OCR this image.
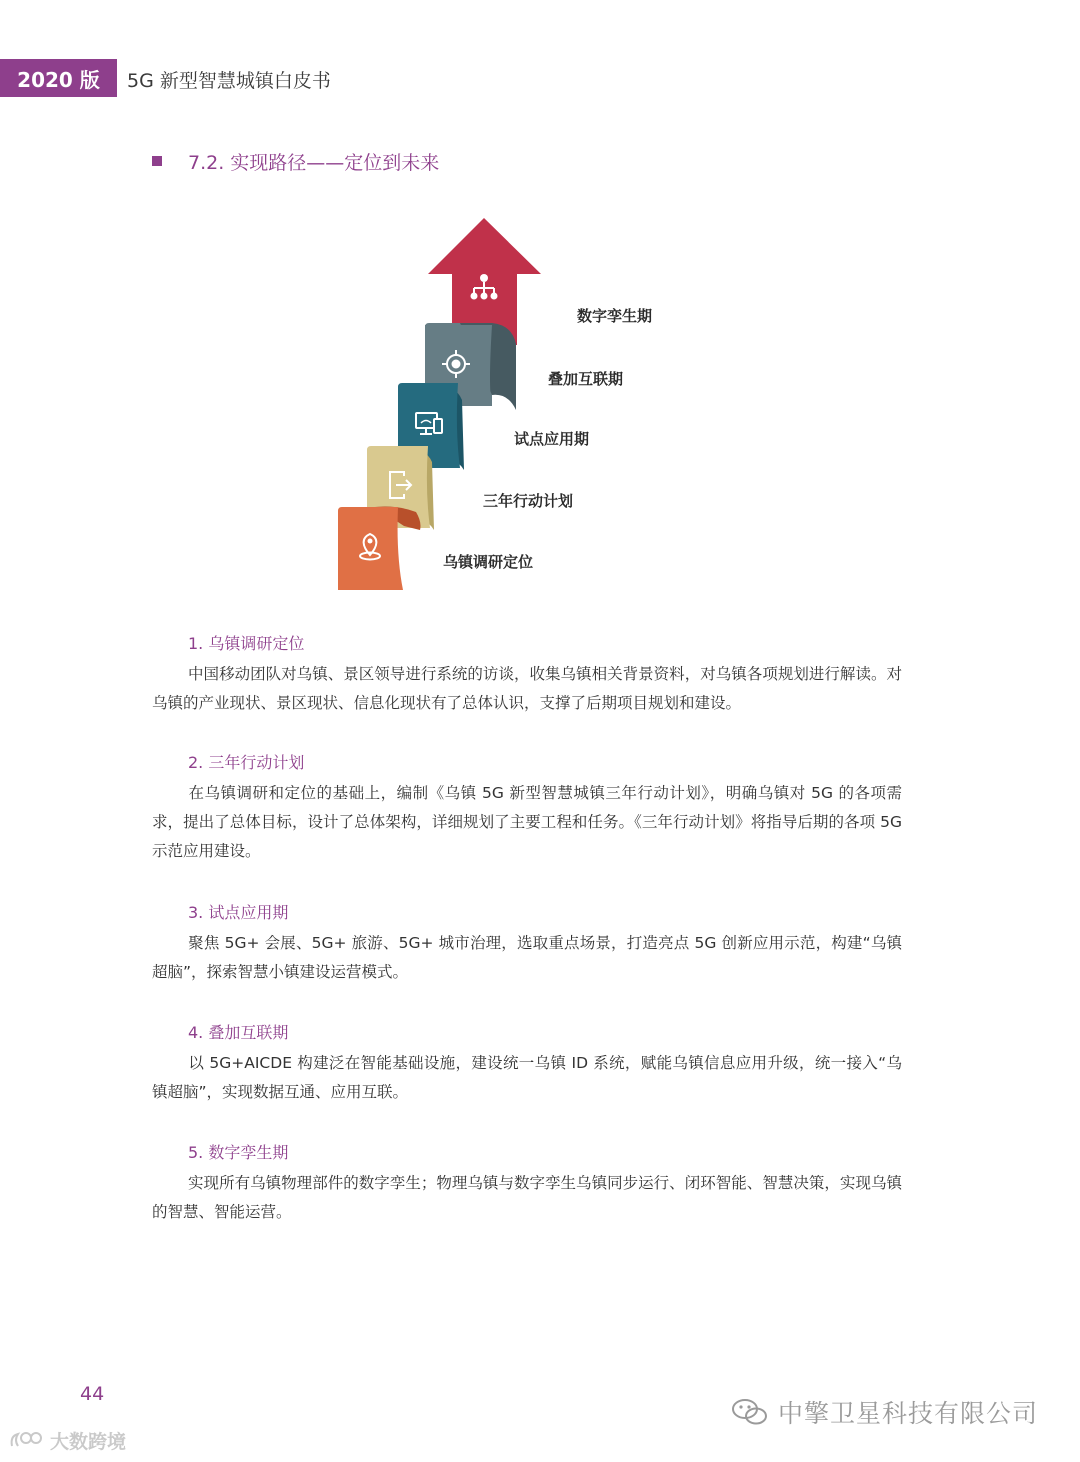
2020 版 5G 新型智慧城镇白皮书
7.2. 实现路径——定位到未来
数字孪生期
叠加互联期
试点应用期
三年行动计划
乌镇调研定位
1. 乌镇调研定位
中国移动团队对乌镇、景区领导进行系统的访谈，收集乌镇相关背景资料，对乌镇各项规划进行解读。对乌镇的产业现状、景区现状、信息化现状有了总体认识，支撑了后期项目规划和建设。
2. 三年行动计划
在乌镇调研和定位的基础上，编制《乌镇 5G 新型智慧城镇三年行动计划》，明确乌镇对 5G 的各项需求，提出了总体目标，设计了总体架构，详细规划了主要工程和任务。《三年行动计划》将指导后期的各项 5G 示范应用建设。
3. 试点应用期
聚焦 5G+ 会展、5G+ 旅游、5G+ 城市治理，选取重点场景，打造亮点 5G 创新应用示范，构建“乌镇超脑”，探索智慧小镇建设运营模式。
4. 叠加互联期
以 5G+AICDE 构建泛在智能基础设施，建设统一乌镇 ID 系统，赋能乌镇信息应用升级，统一接入“乌镇超脑”，实现数据互通、应用互联。
5. 数字孪生期
实现所有乌镇物理部件的数字孪生；物理乌镇与数字孪生乌镇同步运行、闭环智能、智慧决策，实现乌镇的智慧、智能运营。
44
中擎卫星科技有限公司
大数跨境
